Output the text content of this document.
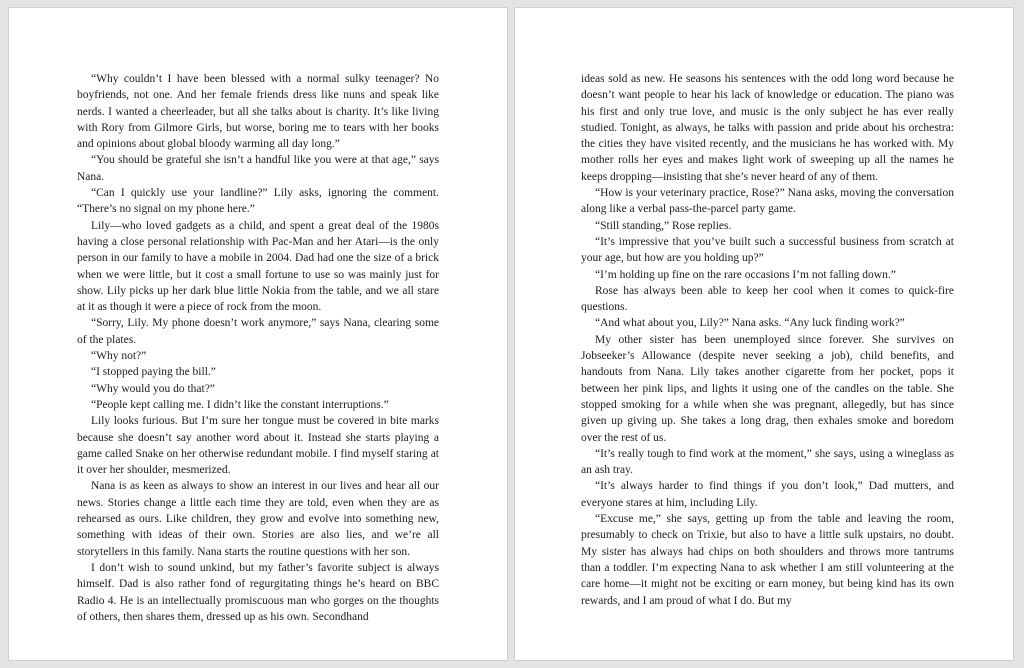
“Why couldn’t I have been blessed with a normal sulky teenager? No boyfriends, not one. And her female friends dress like nuns and speak like nerds. I wanted a cheerleader, but all she talks about is charity. It’s like living with Rory from Gilmore Girls, but worse, boring me to tears with her books and opinions about global bloody warming all day long.”

“You should be grateful she isn’t a handful like you were at that age,” says Nana.

“Can I quickly use your landline?” Lily asks, ignoring the comment. “There’s no signal on my phone here.”

Lily—who loved gadgets as a child, and spent a great deal of the 1980s having a close personal relationship with Pac-Man and her Atari—is the only person in our family to have a mobile in 2004. Dad had one the size of a brick when we were little, but it cost a small fortune to use so was mainly just for show. Lily picks up her dark blue little Nokia from the table, and we all stare at it as though it were a piece of rock from the moon.

“Sorry, Lily. My phone doesn’t work anymore,” says Nana, clearing some of the plates.

“Why not?”

“I stopped paying the bill.”

“Why would you do that?”

“People kept calling me. I didn’t like the constant interruptions.”

Lily looks furious. But I’m sure her tongue must be covered in bite marks because she doesn’t say another word about it. Instead she starts playing a game called Snake on her otherwise redundant mobile. I find myself staring at it over her shoulder, mesmerized.

Nana is as keen as always to show an interest in our lives and hear all our news. Stories change a little each time they are told, even when they are as rehearsed as ours. Like children, they grow and evolve into something new, something with ideas of their own. Stories are also lies, and we’re all storytellers in this family. Nana starts the routine questions with her son.

I don’t wish to sound unkind, but my father’s favorite subject is always himself. Dad is also rather fond of regurgitating things he’s heard on BBC Radio 4. He is an intellectually promiscuous man who gorges on the thoughts of others, then shares them, dressed up as his own. Secondhand

ideas sold as new. He seasons his sentences with the odd long word because he doesn’t want people to hear his lack of knowledge or education. The piano was his first and only true love, and music is the only subject he has ever really studied. Tonight, as always, he talks with passion and pride about his orchestra: the cities they have visited recently, and the musicians he has worked with. My mother rolls her eyes and makes light work of sweeping up all the names he keeps dropping—insisting that she’s never heard of any of them.

“How is your veterinary practice, Rose?” Nana asks, moving the conversation along like a verbal pass-the-parcel party game.

“Still standing,” Rose replies.

“It’s impressive that you’ve built such a successful business from scratch at your age, but how are you holding up?”

“I’m holding up fine on the rare occasions I’m not falling down.”

Rose has always been able to keep her cool when it comes to quick-fire questions.

“And what about you, Lily?” Nana asks. “Any luck finding work?”

My other sister has been unemployed since forever. She survives on Jobseeker’s Allowance (despite never seeking a job), child benefits, and handouts from Nana. Lily takes another cigarette from her pocket, pops it between her pink lips, and lights it using one of the candles on the table. She stopped smoking for a while when she was pregnant, allegedly, but has since given up giving up. She takes a long drag, then exhales smoke and boredom over the rest of us.

“It’s really tough to find work at the moment,” she says, using a wineglass as an ash tray.

“It’s always harder to find things if you don’t look,” Dad mutters, and everyone stares at him, including Lily.

“Excuse me,” she says, getting up from the table and leaving the room, presumably to check on Trixie, but also to have a little sulk upstairs, no doubt. My sister has always had chips on both shoulders and throws more tantrums than a toddler. I’m expecting Nana to ask whether I am still volunteering at the care home—it might not be exciting or earn money, but being kind has its own rewards, and I am proud of what I do. But my
